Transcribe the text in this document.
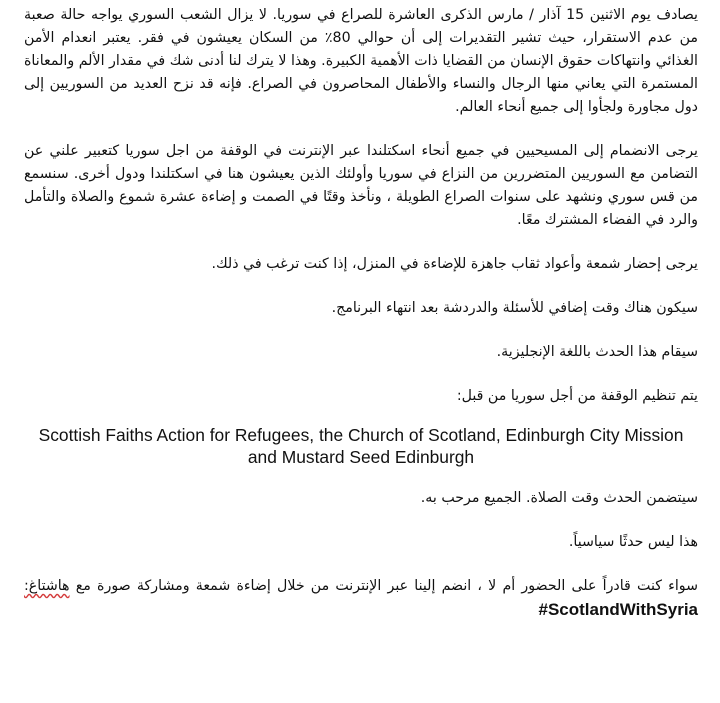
يصادف يوم الاثنين 15 آذار / مارس الذكرى العاشرة للصراع في سوريا. لا يزال الشعب السوري يواجه حالة صعبة من عدم الاستقرار، حيث تشير التقديرات إلى أن حوالي 80٪ من السكان يعيشون في فقر. يعتبر انعدام الأمن الغذائي وانتهاكات حقوق الإنسان من القضايا ذات الأهمية الكبيرة. وهذا لا يترك لنا أدنى شك في مقدار الألم والمعاناة المستمرة التي يعاني منها الرجال والنساء والأطفال المحاصرون في الصراع. فإنه قد نزح العديد من السوريين إلى دول مجاورة ولجأوا إلى جميع أنحاء العالم.

يرجى الانضمام إلى المسيحيين في جميع أنحاء اسكتلندا عبر الإنترنت في الوقفة من اجل سوريا كتعبير علني عن التضامن مع السوريين المتضررين من النزاع في سوريا وأولئك الذين يعيشون هنا في اسكتلندا ودول أخرى. سنسمع من قس سوري ونشهد على سنوات الصراع الطويلة ، ونأخذ وقتًا في الصمت و إضاءة عشرة شموع والصلاة والتأمل والرد في الفضاء المشترك معًا.

يرجى إحضار شمعة وأعواد ثقاب جاهزة للإضاءة في المنزل، إذا كنت ترغب في ذلك.

سيكون هناك وقت إضافي للأسئلة والدردشة بعد انتهاء البرنامج.

سيقام هذا الحدث باللغة الإنجليزية.

يتم تنظيم الوقفة من أجل سوريا من قبل:

Scottish Faiths Action for Refugees, the Church of Scotland, Edinburgh City Mission and Mustard Seed Edinburgh

سيتضمن الحدث وقت الصلاة. الجميع مرحب به.

هذا ليس حدثًا سياسياً.

سواء كنت قادراً على الحضور أم لا ، انضم إلينا عبر الإنترنت من خلال إضاءة شمعة ومشاركة صورة مع هاشتاغ: #ScotlandWithSyria
